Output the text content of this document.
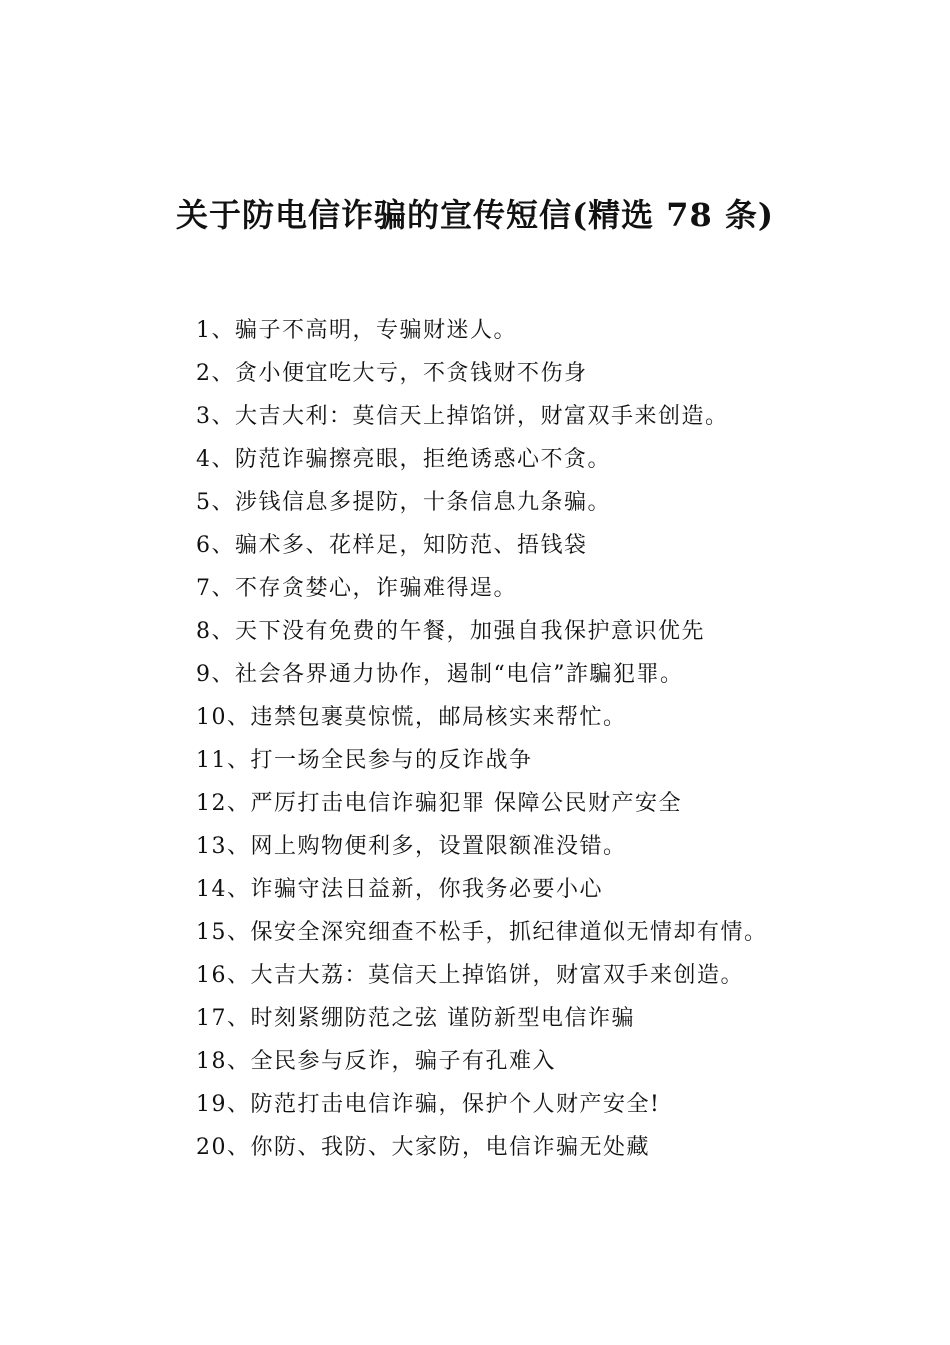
关于防电信诈骗的宣传短信(精选 78 条)
1、骗子不高明，专骗财迷人。
2、贪小便宜吃大亏，不贪钱财不伤身
3、大吉大利：莫信天上掉馅饼，财富双手来创造。
4、防范诈骗擦亮眼，拒绝诱惑心不贪。
5、涉钱信息多提防，十条信息九条骗。
6、骗术多、花样足，知防范、捂钱袋
7、不存贪婪心，诈骗难得逞。
8、天下没有免费的午餐，加强自我保护意识优先
9、社会各界通力协作，遏制“电信”詐騙犯罪。
10、违禁包裹莫惊慌，邮局核实来帮忙。
11、打一场全民参与的反诈战争
12、严厉打击电信诈骗犯罪 保障公民财产安全
13、网上购物便利多，设置限额准没错。
14、诈骗守法日益新，你我务必要小心
15、保安全深究细查不松手，抓纪律道似无情却有情。
16、大吉大荔：莫信天上掉馅饼，财富双手来创造。
17、时刻紧绷防范之弦 谨防新型电信诈骗
18、全民参与反诈，骗子有孔难入
19、防范打击电信诈骗，保护个人财产安全!
20、你防、我防、大家防，电信诈骗无处藏
